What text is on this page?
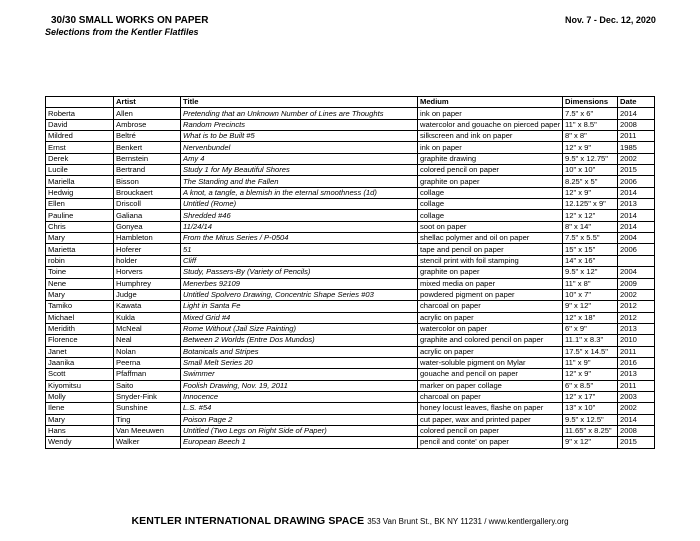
30/30 SMALL WORKS ON PAPER
Selections from the Kentler Flatfiles
Nov. 7 - Dec. 12, 2020
	Artist	Title	Medium	Dimensions	Date
Roberta	Allen	Pretending that an Unknown Number of Lines are Thoughts	ink on paper	7.5" x 6"	2014
David	Ambrose	Random Precincts	watercolor and gouache on pierced paper	11" x 8.5"	2008
Mildred	Beltré	What is to be Built #5	silkscreen and ink on paper	8" x 8"	2011
Ernst	Benkert	Nervenbundel	ink on paper	12" x 9"	1985
Derek	Bernstein	Amy 4	graphite drawing	9.5" x 12.75"	2002
Lucile	Bertrand	Study 1 for My Beautiful Shores	colored pencil on paper	10" x 10"	2015
Mariella	Bisson	The Standing and the Fallen	graphite on paper	8.25" x 5"	2006
Hedwig	Brouckaert	A knot, a tangle, a blemish in the eternal smoothness (1d)	collage	12" x 9"	2014
Ellen	Driscoll	Untitled (Rome)	collage	12.125" x 9"	2013
Pauline	Galiana	Shredded #46	collage	12" x 12"	2014
Chris	Gonyea	11/24/14	soot on paper	8" x 14"	2014
Mary	Hambleton	From the Mirus Series / P-0504	shellac polymer and oil on paper	7.5" x 5.5"	2004
Marietta	Hoferer	51	tape and pencil on paper	15" x 15"	2006
robin	holder	Cliff	stencil print with foil stamping	14" x 16"	
Toine	Horvers	Study, Passers-By (Variety of Pencils)	graphite on paper	9.5" x 12"	2004
Nene	Humphrey	Menerbes 92109	mixed media on paper	11" x 8"	2009
Mary	Judge	Untitled Spolvero Drawing, Concentric Shape Series #03	powdered pigment on paper	10" x 7"	2002
Tamiko	Kawata	Light in Santa Fe	charcoal on paper	9" x 12"	2012
Michael	Kukla	Mixed Grid #4	acrylic on paper	12" x 18"	2012
Meridith	McNeal	Rome Without (Jail Size Painting)	watercolor on paper	6" x 9"	2013
Florence	Neal	Between 2 Worlds (Entre Dos Mundos)	graphite and colored pencil on paper	11.1" x 8.3"	2010
Janet	Nolan	Botanicals and Stripes	acrylic on paper	17.5" x 14.5"	2011
Jaanika	Peerna	Small Melt Series 20	water-soluble pigment on Mylar	11" x 9"	2016
Scott	Pfaffman	Swimmer	gouache and pencil on paper	12" x 9"	2013
Kiyomitsu	Saito	Foolish Drawing, Nov. 19, 2011	marker on paper collage	6" x 8.5"	2011
Molly	Snyder-Fink	Innocence	charcoal on paper	12" x 17"	2003
Ilene	Sunshine	L.S. #54	honey locust leaves, flashe on paper	13" x 10"	2002
Mary	Ting	Poison Page 2	cut paper, wax and printed paper	9.5" x 12.5"	2014
Hans	Van Meeuwen	Untitled (Two Legs on Right Side of Paper)	colored pencil on paper	11.65" x 8.25"	2008
Wendy	Walker	European Beech 1	pencil and conte' on paper	9" x 12"	2015
KENTLER INTERNATIONAL DRAWING SPACE 353 Van Brunt St., BK NY 11231 / www.kentlergallery.org
